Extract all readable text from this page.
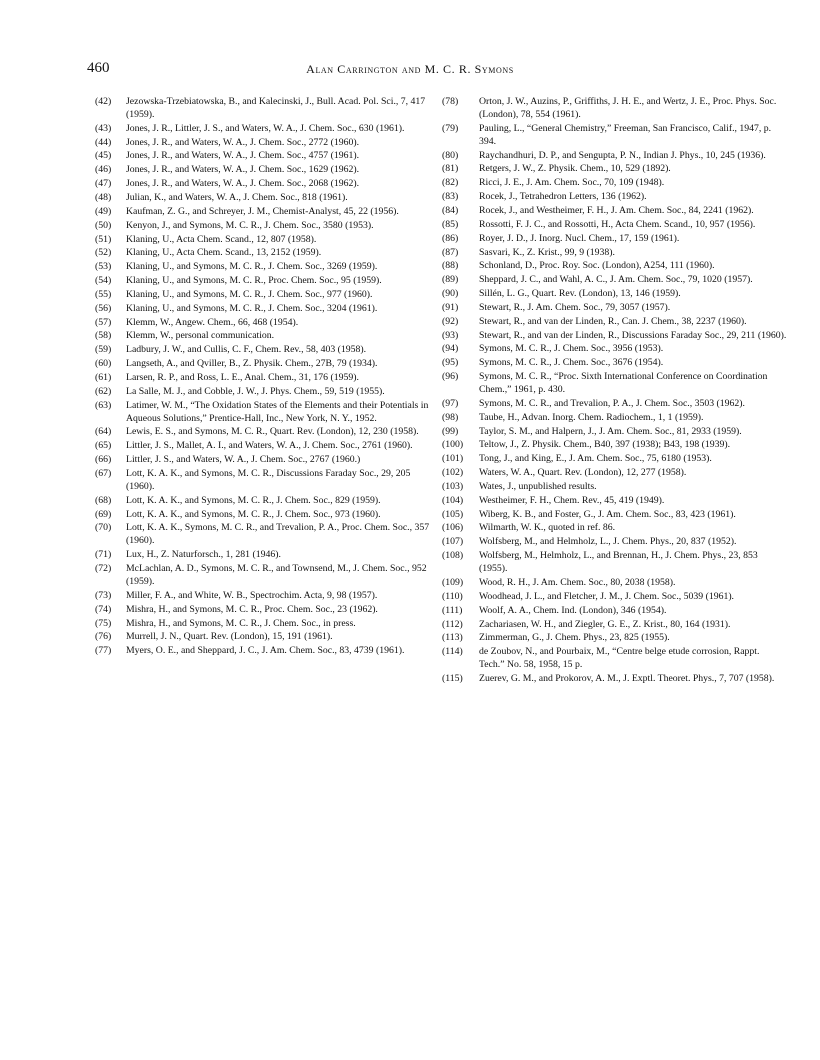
460	Alan Carrington and M. C. R. Symons
(42) Jezowska-Trzebiatowska, B., and Kalecinski, J., Bull. Acad. Pol. Sci., 7, 417 (1959).
(43) Jones, J. R., Littler, J. S., and Waters, W. A., J. Chem. Soc., 630 (1961).
(44) Jones, J. R., and Waters, W. A., J. Chem. Soc., 2772 (1960).
(45) Jones, J. R., and Waters, W. A., J. Chem. Soc., 4757 (1961).
(46) Jones, J. R., and Waters, W. A., J. Chem. Soc., 1629 (1962).
(47) Jones, J. R., and Waters, W. A., J. Chem. Soc., 2068 (1962).
(48) Julian, K., and Waters, W. A., J. Chem. Soc., 818 (1961).
(49) Kaufman, Z. G., and Schreyer, J. M., Chemist-Analyst, 45, 22 (1956).
(50) Kenyon, J., and Symons, M. C. R., J. Chem. Soc., 3580 (1953).
(51) Klaning, U., Acta Chem. Scand., 12, 807 (1958).
(52) Klaning, U., Acta Chem. Scand., 13, 2152 (1959).
(53) Klaning, U., and Symons, M. C. R., J. Chem. Soc., 3269 (1959).
(54) Klaning, U., and Symons, M. C. R., Proc. Chem. Soc., 95 (1959).
(55) Klaning, U., and Symons, M. C. R., J. Chem. Soc., 977 (1960).
(56) Klaning, U., and Symons, M. C. R., J. Chem. Soc., 3204 (1961).
(57) Klemm, W., Angew. Chem., 66, 468 (1954).
(58) Klemm, W., personal communication.
(59) Ladbury, J. W., and Cullis, C. F., Chem. Rev., 58, 403 (1958).
(60) Langseth, A., and Qviller, B., Z. Physik. Chem., 27B, 79 (1934).
(61) Larsen, R. P., and Ross, L. E., Anal. Chem., 31, 176 (1959).
(62) La Salle, M. J., and Cobble, J. W., J. Phys. Chem., 59, 519 (1955).
(63) Latimer, W. M., “The Oxidation States of the Elements and their Potentials in Aqueous Solutions,” Prentice-Hall, Inc., New York, N. Y., 1952.
(64) Lewis, E. S., and Symons, M. C. R., Quart. Rev. (London), 12, 230 (1958).
(65) Littler, J. S., Mallet, A. I., and Waters, W. A., J. Chem. Soc., 2761 (1960).
(66) Littler, J. S., and Waters, W. A., J. Chem. Soc., 2767 (1960.)
(67) Lott, K. A. K., and Symons, M. C. R., Discussions Faraday Soc., 29, 205 (1960).
(68) Lott, K. A. K., and Symons, M. C. R., J. Chem. Soc., 829 (1959).
(69) Lott, K. A. K., and Symons, M. C. R., J. Chem. Soc., 973 (1960).
(70) Lott, K. A. K., Symons, M. C. R., and Trevalion, P. A., Proc. Chem. Soc., 357 (1960).
(71) Lux, H., Z. Naturforsch., 1, 281 (1946).
(72) McLachlan, A. D., Symons, M. C. R., and Townsend, M., J. Chem. Soc., 952 (1959).
(73) Miller, F. A., and White, W. B., Spectrochim. Acta, 9, 98 (1957).
(74) Mishra, H., and Symons, M. C. R., Proc. Chem. Soc., 23 (1962).
(75) Mishra, H., and Symons, M. C. R., J. Chem. Soc., in press.
(76) Murrell, J. N., Quart. Rev. (London), 15, 191 (1961).
(77) Myers, O. E., and Sheppard, J. C., J. Am. Chem. Soc., 83, 4739 (1961).
(78) Orton, J. W., Auzins, P., Griffiths, J. H. E., and Wertz, J. E., Proc. Phys. Soc. (London), 78, 554 (1961).
(79) Pauling, L., “General Chemistry,” Freeman, San Francisco, Calif., 1947, p. 394.
(80) Raychandhuri, D. P., and Sengupta, P. N., Indian J. Phys., 10, 245 (1936).
(81) Retgers, J. W., Z. Physik. Chem., 10, 529 (1892).
(82) Ricci, J. E., J. Am. Chem. Soc., 70, 109 (1948).
(83) Rocek, J., Tetrahedron Letters, 136 (1962).
(84) Rocek, J., and Westheimer, F. H., J. Am. Chem. Soc., 84, 2241 (1962).
(85) Rossotti, F. J. C., and Rossotti, H., Acta Chem. Scand., 10, 957 (1956).
(86) Royer, J. D., J. Inorg. Nucl. Chem., 17, 159 (1961).
(87) Sasvari, K., Z. Krist., 99, 9 (1938).
(88) Schonland, D., Proc. Roy. Soc. (London), A254, 111 (1960).
(89) Sheppard, J. C., and Wahl, A. C., J. Am. Chem. Soc., 79, 1020 (1957).
(90) Sillén, L. G., Quart. Rev. (London), 13, 146 (1959).
(91) Stewart, R., J. Am. Chem. Soc., 79, 3057 (1957).
(92) Stewart, R., and van der Linden, R., Can. J. Chem., 38, 2237 (1960).
(93) Stewart, R., and van der Linden, R., Discussions Faraday Soc., 29, 211 (1960).
(94) Symons, M. C. R., J. Chem. Soc., 3956 (1953).
(95) Symons, M. C. R., J. Chem. Soc., 3676 (1954).
(96) Symons, M. C. R., “Proc. Sixth International Conference on Coordination Chem.,” 1961, p. 430.
(97) Symons, M. C. R., and Trevalion, P. A., J. Chem. Soc., 3503 (1962).
(98) Taube, H., Advan. Inorg. Chem. Radiochem., 1, 1 (1959).
(99) Taylor, S. M., and Halpern, J., J. Am. Chem. Soc., 81, 2933 (1959).
(100) Teltow, J., Z. Physik. Chem., B40, 397 (1938); B43, 198 (1939).
(101) Tong, J., and King, E., J. Am. Chem. Soc., 75, 6180 (1953).
(102) Waters, W. A., Quart. Rev. (London), 12, 277 (1958).
(103) Wates, J., unpublished results.
(104) Westheimer, F. H., Chem. Rev., 45, 419 (1949).
(105) Wiberg, K. B., and Foster, G., J. Am. Chem. Soc., 83, 423 (1961).
(106) Wilmarth, W. K., quoted in ref. 86.
(107) Wolfsberg, M., and Helmholz, L., J. Chem. Phys., 20, 837 (1952).
(108) Wolfsberg, M., Helmholz, L., and Brennan, H., J. Chem. Phys., 23, 853 (1955).
(109) Wood, R. H., J. Am. Chem. Soc., 80, 2038 (1958).
(110) Woodhead, J. L., and Fletcher, J. M., J. Chem. Soc., 5039 (1961).
(111) Woolf, A. A., Chem. Ind. (London), 346 (1954).
(112) Zachariasen, W. H., and Ziegler, G. E., Z. Krist., 80, 164 (1931).
(113) Zimmerman, G., J. Chem. Phys., 23, 825 (1955).
(114) de Zoubov, N., and Pourbaix, M., “Centre belge etude corrosion, Rappt. Tech.” No. 58, 1958, 15 p.
(115) Zuerev, G. M., and Prokorov, A. M., J. Exptl. Theoret. Phys., 7, 707 (1958).
